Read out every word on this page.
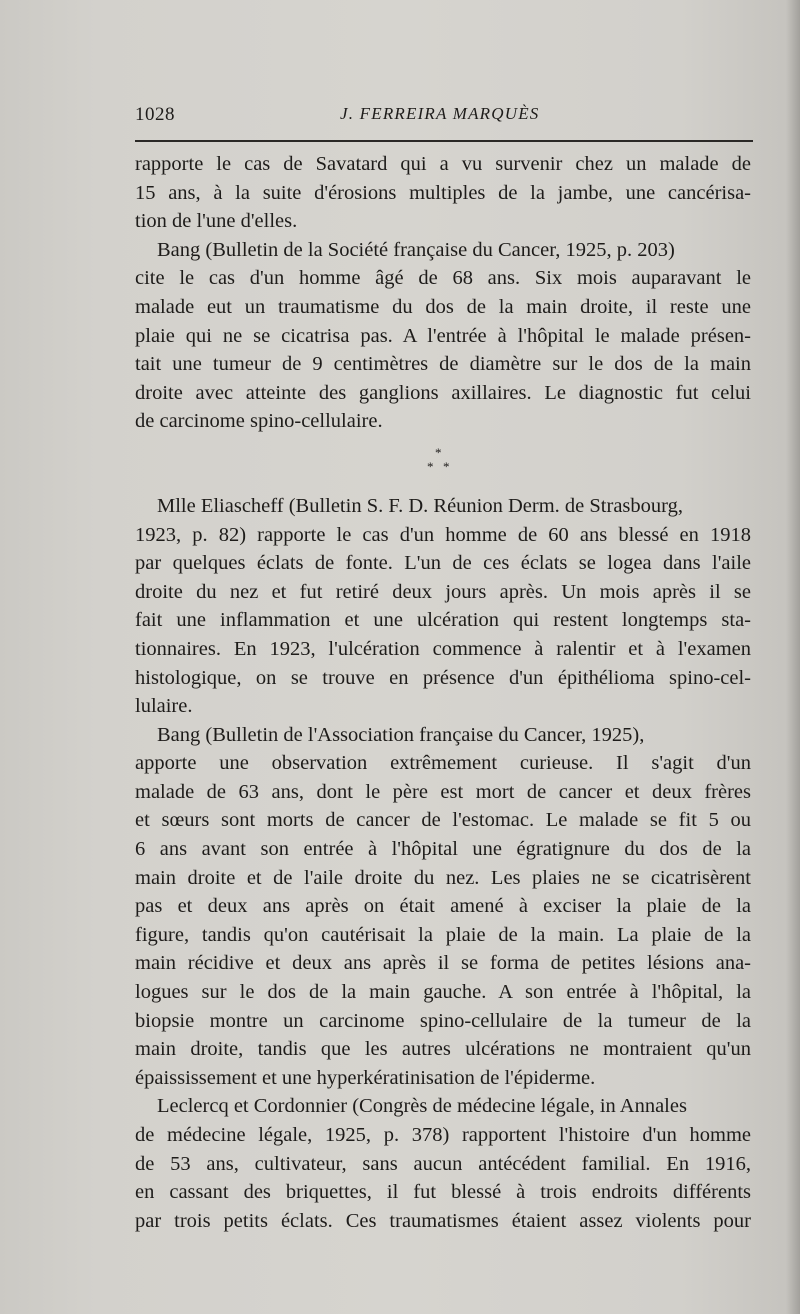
1028	J. FERREIRA MARQUÈS
rapporte le cas de Savatard qui a vu survenir chez un malade de
15 ans, à la suite d'érosions multiples de la jambe, une cancérisa-
tion de l'une d'elles.
Bang (Bulletin de la Société française du Cancer, 1925, p. 203)
cite le cas d'un homme âgé de 68 ans. Six mois auparavant le
malade eut un traumatisme du dos de la main droite, il reste une
plaie qui ne se cicatrisa pas. A l'entrée à l'hôpital le malade présen-
tait une tumeur de 9 centimètres de diamètre sur le dos de la main
droite avec atteinte des ganglions axillaires. Le diagnostic fut celui
de carcinome spino-cellulaire.
*
* *
Mlle Eliascheff (Bulletin S. F. D. Réunion Derm. de Strasbourg,
1923, p. 82) rapporte le cas d'un homme de 60 ans blessé en 1918
par quelques éclats de fonte. L'un de ces éclats se logea dans l'aile
droite du nez et fut retiré deux jours après. Un mois après il se
fait une inflammation et une ulcération qui restent longtemps sta-
tionnaires. En 1923, l'ulcération commence à ralentir et à l'examen
histologique, on se trouve en présence d'un épithélioma spino-cel-
lulaire.
Bang (Bulletin de l'Association française du Cancer, 1925),
apporte une observation extrêmement curieuse. Il s'agit d'un
malade de 63 ans, dont le père est mort de cancer et deux frères
et sœurs sont morts de cancer de l'estomac. Le malade se fit 5 ou
6 ans avant son entrée à l'hôpital une égratignure du dos de la
main droite et de l'aile droite du nez. Les plaies ne se cicatrisèrent
pas et deux ans après on était amené à exciser la plaie de la
figure, tandis qu'on cautérisait la plaie de la main. La plaie de la
main récidive et deux ans après il se forma de petites lésions ana-
logues sur le dos de la main gauche. A son entrée à l'hôpital, la
biopsie montre un carcinome spino-cellulaire de la tumeur de la
main droite, tandis que les autres ulcérations ne montraient qu'un
épaississement et une hyperkératinisation de l'épiderme.
Leclercq et Cordonnier (Congrès de médecine légale, in Annales
de médecine légale, 1925, p. 378) rapportent l'histoire d'un homme
de 53 ans, cultivateur, sans aucun antécédent familial. En 1916,
en cassant des briquettes, il fut blessé à trois endroits différents
par trois petits éclats. Ces traumatismes étaient assez violents pour
